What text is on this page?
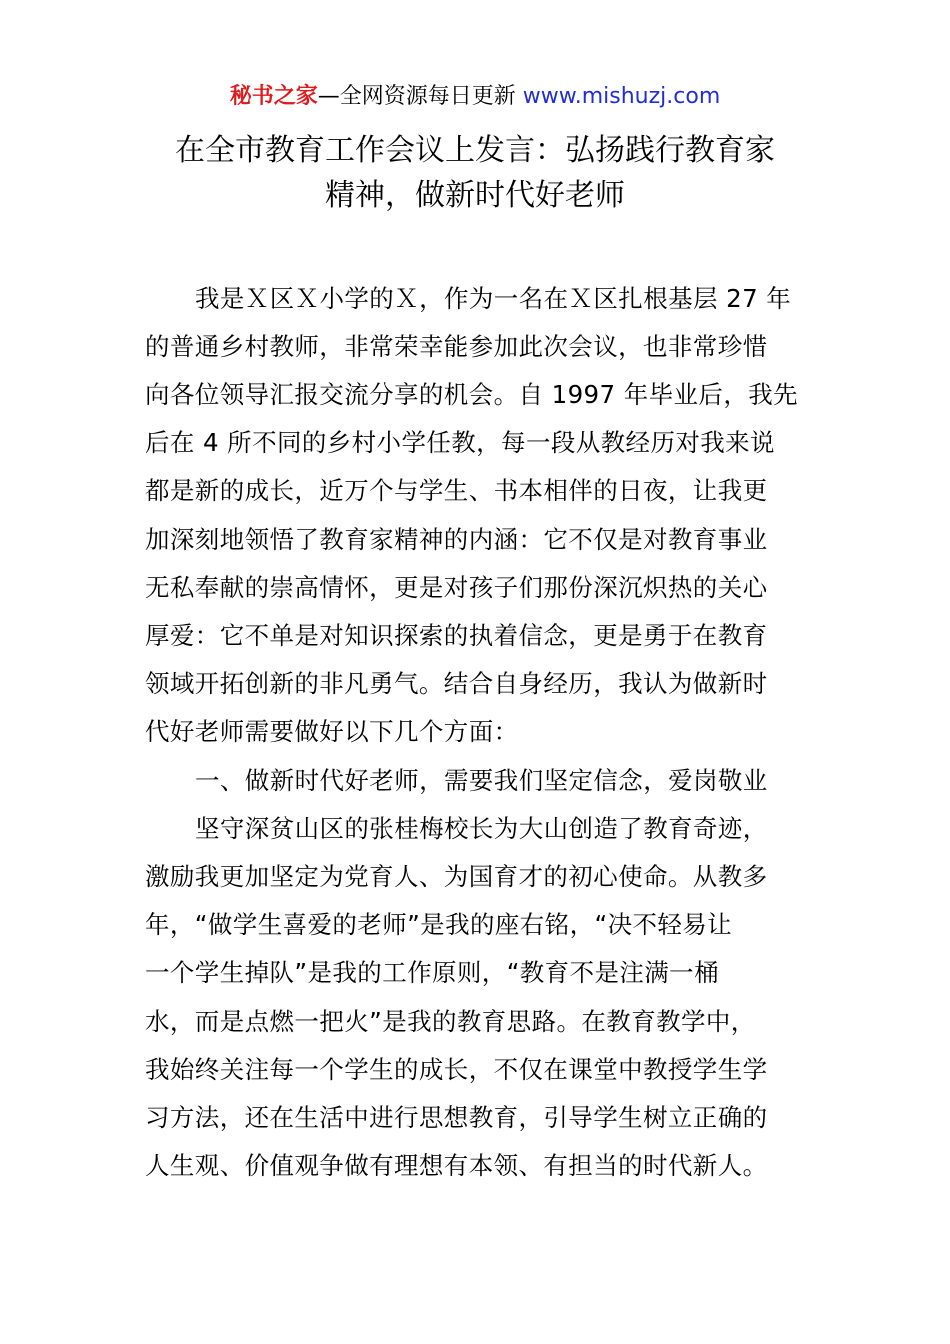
秘书之家—全网资源每日更新 www.mishuzj.com
在全市教育工作会议上发言：弘扬践行教育家
精神，做新时代好老师
我是Ｘ区Ｘ小学的Ｘ，作为一名在Ｘ区扎根基层 27 年
的普通乡村教师，非常荣幸能参加此次会议，也非常珍惜
向各位领导汇报交流分享的机会。自 1997 年毕业后，我先
后在 4 所不同的乡村小学任教，每一段从教经历对我来说
都是新的成长，近万个与学生、书本相伴的日夜，让我更
加深刻地领悟了教育家精神的内涵：它不仅是对教育事业
无私奉献的崇高情怀，更是对孩子们那份深沉炽热的关心
厚爱：它不单是对知识探索的执着信念，更是勇于在教育
领域开拓创新的非凡勇气。结合自身经历，我认为做新时
代好老师需要做好以下几个方面：
一、做新时代好老师，需要我们坚定信念，爱岗敬业
坚守深贫山区的张桂梅校长为大山创造了教育奇迹，
激励我更加坚定为党育人、为国育才的初心使命。从教多
年，“做学生喜爱的老师”是我的座右铭，“决不轻易让
一个学生掉队”是我的工作原则，“教育不是注满一桶
水，而是点燃一把火”是我的教育思路。在教育教学中，
我始终关注每一个学生的成长，不仅在课堂中教授学生学
习方法，还在生活中进行思想教育，引导学生树立正确的
人生观、价值观争做有理想有本领、有担当的时代新人。
